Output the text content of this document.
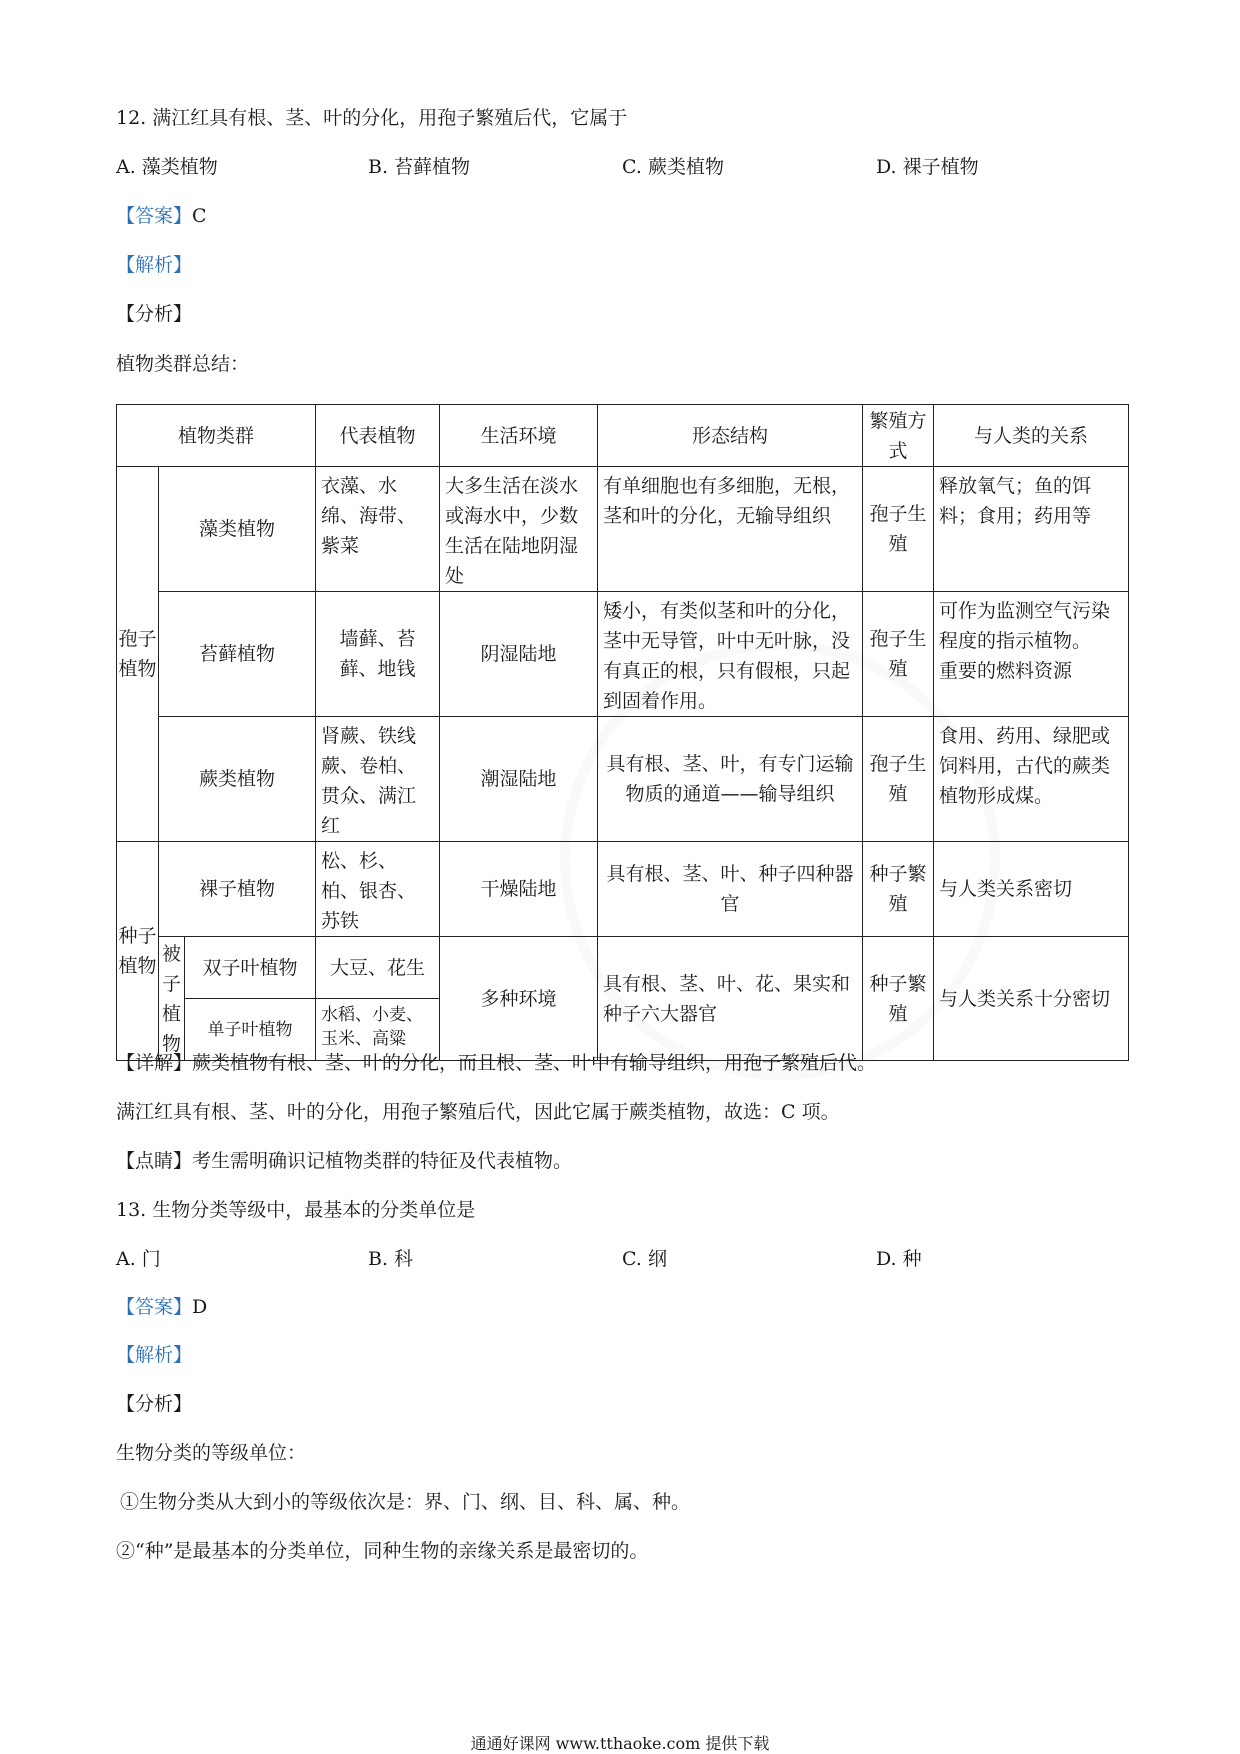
12. 满江红具有根、茎、叶的分化，用孢子繁殖后代，它属于
A. 藻类植物	B. 苔藓植物	C. 蕨类植物	D. 裸子植物
【答案】C
【解析】
【分析】
植物类群总结：
植物类群			代表植物	生活环境	形态结构	繁殖方式	与人类的关系
孢子植物	藻类植物		衣藻、水绵、海带、紫菜	大多生活在淡水或海水中，少数生活在陆地阴湿处	有单细胞也有多细胞，无根，茎和叶的分化，无输导组织	孢子生殖	释放氧气；鱼的饵料；食用；药用等
	苔藓植物		墙藓、苔藓、地钱	阴湿陆地	矮小，有类似茎和叶的分化，茎中无导管，叶中无叶脉，没有真正的根，只有假根，只起到固着作用。	孢子生殖	可作为监测空气污染程度的指示植物。
重要的燃料资源
	蕨类植物		肾蕨、铁线蕨、卷柏、贯众、满江红	潮湿陆地	具有根、茎、叶，有专门运输物质的通道——输导组织	孢子生殖	食用、药用、绿肥或饲料用，古代的蕨类植物形成煤。
种子植物	裸子植物		松、杉、柏、银杏、苏铁	干燥陆地	具有根、茎、叶、种子四种器官	种子繁殖	与人类关系密切
	被子植物	双子叶植物	大豆、花生	多种环境	具有根、茎、叶、花、果实和种子六大器官	种子繁殖	与人类关系十分密切
		单子叶植物	水稻、小麦、玉米、高粱				
【详解】蕨类植物有根、茎、叶的分化，而且根、茎、叶中有输导组织，用孢子繁殖后代。
满江红具有根、茎、叶的分化，用孢子繁殖后代，因此它属于蕨类植物，故选：C 项。
【点睛】考生需明确识记植物类群的特征及代表植物。
13. 生物分类等级中，最基本的分类单位是
A. 门	B. 科	C. 纲	D. 种
【答案】D
【解析】
【分析】
生物分类的等级单位：
①生物分类从大到小的等级依次是：界、门、纲、目、科、属、种。
②“种”是最基本的分类单位，同种生物的亲缘关系是最密切的。
通通好课网 www.tthaoke.com 提供下载
